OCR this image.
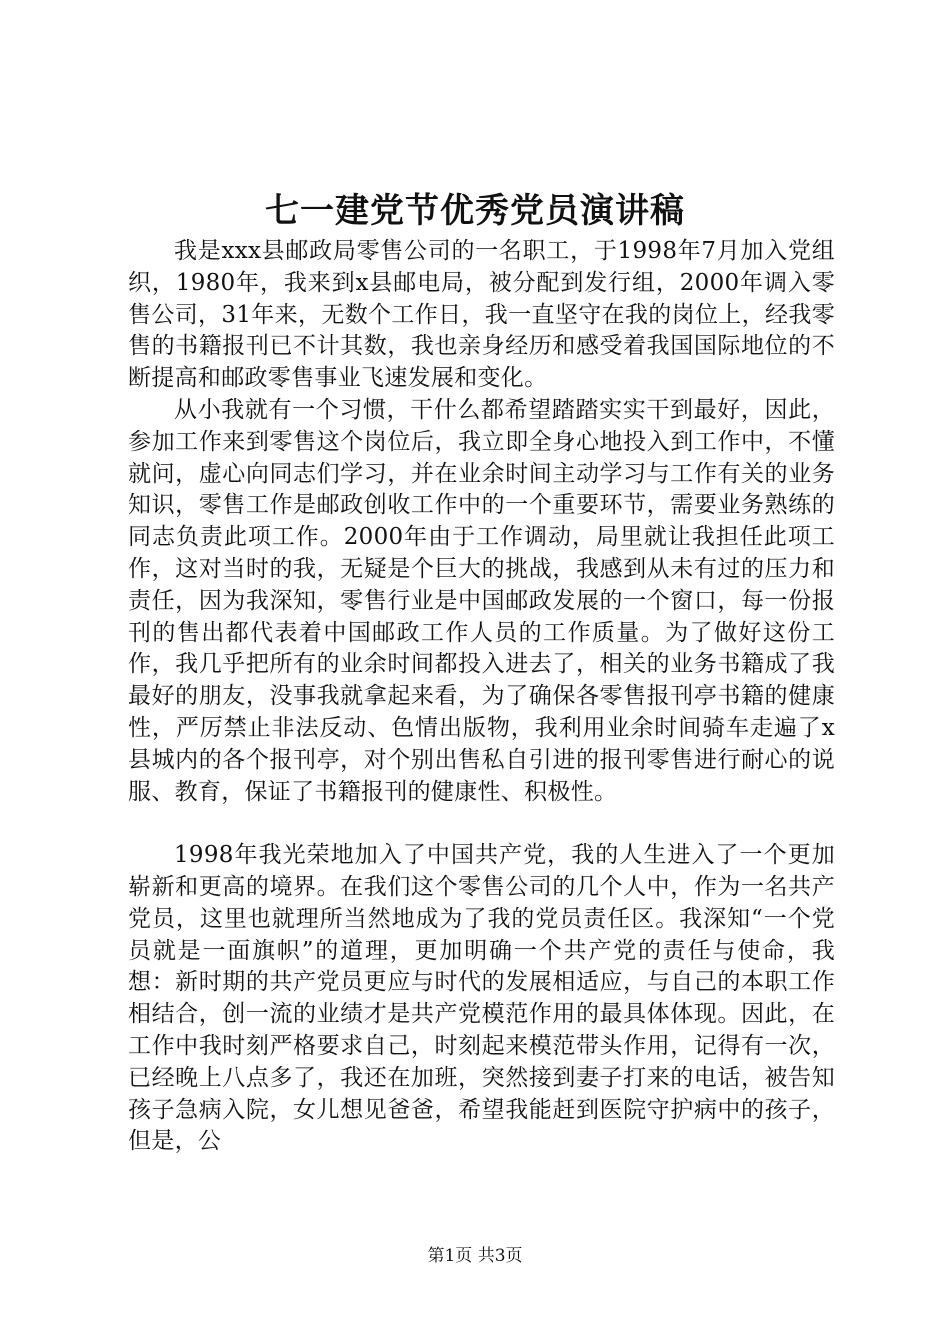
七一建党节优秀党员演讲稿

我是xxx县邮政局零售公司的一名职工，于1998年7月加入党组织，1980年，我来到x县邮电局，被分配到发行组，2000年调入零售公司，31年来，无数个工作日，我一直坚守在我的岗位上，经我零售的书籍报刊已不计其数，我也亲身经历和感受着我国国际地位的不断提高和邮政零售事业飞速发展和变化。

从小我就有一个习惯，干什么都希望踏踏实实干到最好，因此，参加工作来到零售这个岗位后，我立即全身心地投入到工作中，不懂就问，虚心向同志们学习，并在业余时间主动学习与工作有关的业务知识，零售工作是邮政创收工作中的一个重要环节，需要业务熟练的同志负责此项工作。2000年由于工作调动，局里就让我担任此项工作，这对当时的我，无疑是个巨大的挑战，我感到从未有过的压力和责任，因为我深知，零售行业是中国邮政发展的一个窗口，每一份报刊的售出都代表着中国邮政工作人员的工作质量。为了做好这份工作，我几乎把所有的业余时间都投入进去了，相关的业务书籍成了我最好的朋友，没事我就拿起来看，为了确保各零售报刊亭书籍的健康性，严厉禁止非法反动、色情出版物，我利用业余时间骑车走遍了x县城内的各个报刊亭，对个别出售私自引进的报刊零售进行耐心的说服、教育，保证了书籍报刊的健康性、积极性。

1998年我光荣地加入了中国共产党，我的人生进入了一个更加崭新和更高的境界。在我们这个零售公司的几个人中，作为一名共产党员，这里也就理所当然地成为了我的党员责任区。我深知“一个党员就是一面旗帜”的道理，更加明确一个共产党的责任与使命，我想：新时期的共产党员更应与时代的发展相适应，与自己的本职工作相结合，创一流的业绩才是共产党模范作用的最具体体现。因此，在工作中我时刻严格要求自己，时刻起来模范带头作用，记得有一次，已经晚上八点多了，我还在加班，突然接到妻子打来的电话，被告知孩子急病入院，女儿想见爸爸，希望我能赶到医院守护病中的孩子，但是，公

第1页 共3页
